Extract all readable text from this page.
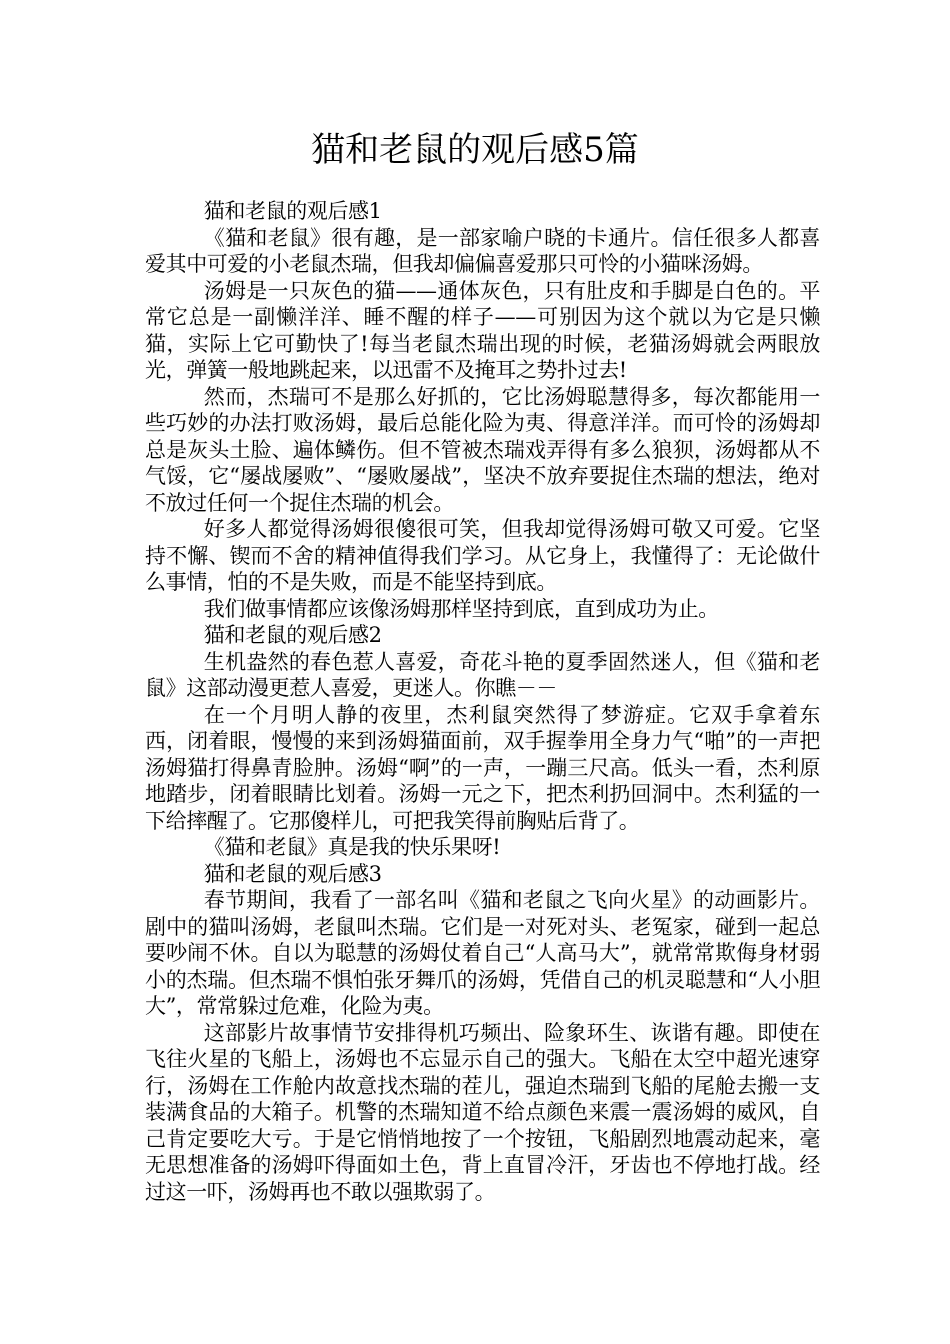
猫和老鼠的观后感5篇

猫和老鼠的观后感1

《猫和老鼠》很有趣，是一部家喻户晓的卡通片。信任很多人都喜爱其中可爱的小老鼠杰瑞，但我却偏偏喜爱那只可怜的小猫咪汤姆。

汤姆是一只灰色的猫——通体灰色，只有肚皮和手脚是白色的。平常它总是一副懒洋洋、睡不醒的样子——可别因为这个就以为它是只懒猫，实际上它可勤快了!每当老鼠杰瑞出现的时候，老猫汤姆就会两眼放光，弹簧一般地跳起来，以迅雷不及掩耳之势扑过去!

然而，杰瑞可不是那么好抓的，它比汤姆聪慧得多，每次都能用一些巧妙的办法打败汤姆，最后总能化险为夷、得意洋洋。而可怜的汤姆却总是灰头土脸、遍体鳞伤。但不管被杰瑞戏弄得有多么狼狈，汤姆都从不气馁，它“屡战屡败”、“屡败屡战”，坚决不放弃要捉住杰瑞的想法，绝对不放过任何一个捉住杰瑞的机会。

好多人都觉得汤姆很傻很可笑，但我却觉得汤姆可敬又可爱。它坚持不懈、锲而不舍的精神值得我们学习。从它身上，我懂得了：无论做什么事情，怕的不是失败，而是不能坚持到底。

我们做事情都应该像汤姆那样坚持到底，直到成功为止。

猫和老鼠的观后感2

生机盎然的春色惹人喜爱，奇花斗艳的夏季固然迷人，但《猫和老鼠》这部动漫更惹人喜爱，更迷人。你瞧－－

在一个月明人静的夜里，杰利鼠突然得了梦游症。它双手拿着东西，闭着眼，慢慢的来到汤姆猫面前，双手握拳用全身力气“啪”的一声把汤姆猫打得鼻青脸肿。汤姆“啊”的一声，一蹦三尺高。低头一看，杰利原地踏步，闭着眼睛比划着。汤姆一元之下，把杰利扔回洞中。杰利猛的一下给摔醒了。它那傻样儿，可把我笑得前胸贴后背了。

《猫和老鼠》真是我的快乐果呀!

猫和老鼠的观后感3

春节期间，我看了一部名叫《猫和老鼠之飞向火星》的动画影片。剧中的猫叫汤姆，老鼠叫杰瑞。它们是一对死对头、老冤家，碰到一起总要吵闹不休。自以为聪慧的汤姆仗着自己“人高马大”，就常常欺侮身材弱小的杰瑞。但杰瑞不惧怕张牙舞爪的汤姆，凭借自己的机灵聪慧和“人小胆大”，常常躲过危难，化险为夷。

这部影片故事情节安排得机巧频出、险象环生、诙谐有趣。即使在飞往火星的飞船上，汤姆也不忘显示自己的强大。飞船在太空中超光速穿行，汤姆在工作舱内故意找杰瑞的茬儿，强迫杰瑞到飞船的尾舱去搬一支装满食品的大箱子。机警的杰瑞知道不给点颜色来震一震汤姆的威风，自己肯定要吃大亏。于是它悄悄地按了一个按钮，飞船剧烈地震动起来，毫无思想准备的汤姆吓得面如土色，背上直冒冷汗，牙齿也不停地打战。经过这一吓，汤姆再也不敢以强欺弱了。
